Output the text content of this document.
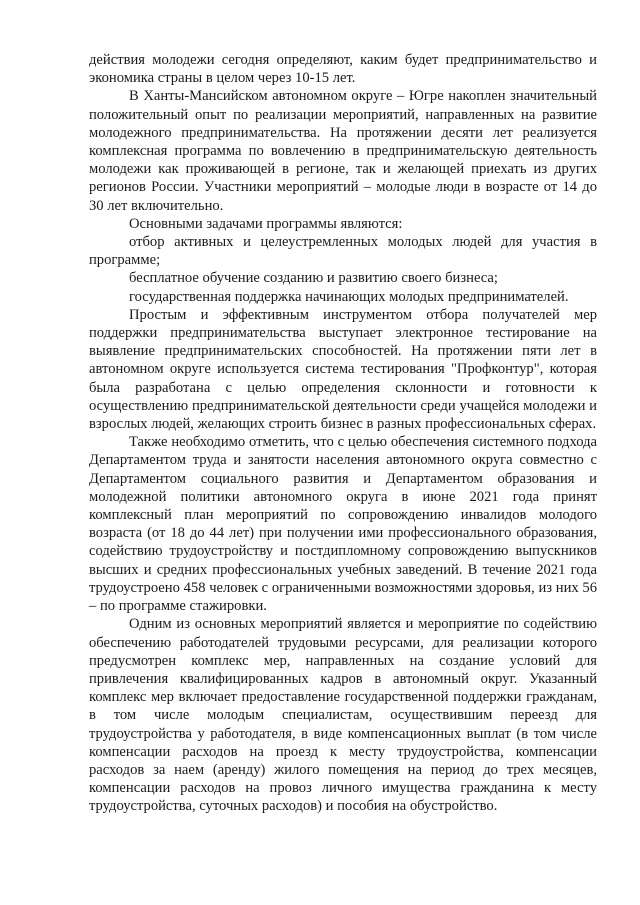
действия молодежи сегодня определяют, каким будет предпринимательство и экономика страны в целом через 10-15 лет.

В Ханты-Мансийском автономном округе – Югре накоплен значительный положительный опыт по реализации мероприятий, направленных на развитие молодежного предпринимательства. На протяжении десяти лет реализуется комплексная программа по вовлечению в предпринимательскую деятельность молодежи как проживающей в регионе, так и желающей приехать из других регионов России. Участники мероприятий – молодые люди в возрасте от 14 до 30 лет включительно.

Основными задачами программы являются:

отбор активных и целеустремленных молодых людей для участия в программе;

бесплатное обучение созданию и развитию своего бизнеса;

государственная поддержка начинающих молодых предпринимателей.

Простым и эффективным инструментом отбора получателей мер поддержки предпринимательства выступает электронное тестирование на выявление предпринимательских способностей. На протяжении пяти лет в автономном округе используется система тестирования "Профконтур", которая была разработана с целью определения склонности и готовности к осуществлению предпринимательской деятельности среди учащейся молодежи и взрослых людей, желающих строить бизнес в разных профессиональных сферах.

Также необходимо отметить, что с целью обеспечения системного подхода Департаментом труда и занятости населения автономного округа совместно с Департаментом социального развития и Департаментом образования и молодежной политики автономного округа в июне 2021 года принят комплексный план мероприятий по сопровождению инвалидов молодого возраста (от 18 до 44 лет) при получении ими профессионального образования, содействию трудоустройству и постдипломному сопровождению выпускников высших и средних профессиональных учебных заведений. В течение 2021 года трудоустроено 458 человек с ограниченными возможностями здоровья, из них 56 – по программе стажировки.

Одним из основных мероприятий является и мероприятие по содействию обеспечению работодателей трудовыми ресурсами, для реализации которого предусмотрен комплекс мер, направленных на создание условий для привлечения квалифицированных кадров в автономный округ. Указанный комплекс мер включает предоставление государственной поддержки гражданам, в том числе молодым специалистам, осуществившим переезд для трудоустройства у работодателя, в виде компенсационных выплат (в том числе компенсации расходов на проезд к месту трудоустройства, компенсации расходов за наем (аренду) жилого помещения на период до трех месяцев, компенсации расходов на провоз личного имущества гражданина к месту трудоустройства, суточных расходов) и пособия на обустройство.
